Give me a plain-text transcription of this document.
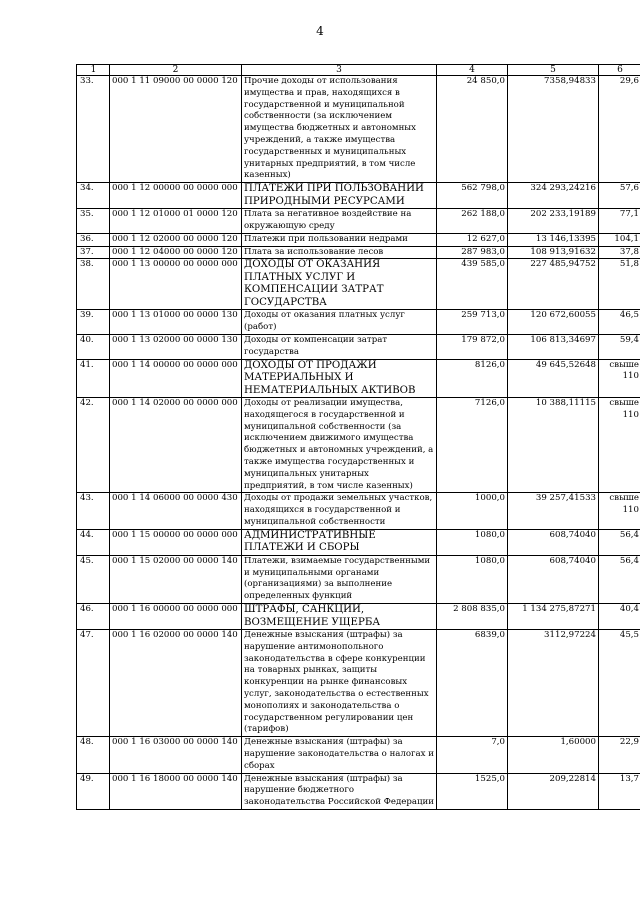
4
1	2	3	4	5	6
33.	000 1 11 09000 00 0000 120	Прочие доходы от использования имущества и прав, находящихся в государственной и муниципальной собственности (за исключением имущества бюджетных и автономных учреждений, а также имущества государственных и муниципальных унитарных предприятий, в том числе казенных)	24 850,0	7358,94833	29,6
34.	000 1 12 00000 00 0000 000	ПЛАТЕЖИ ПРИ ПОЛЬЗОВАНИИ ПРИРОДНЫМИ РЕСУРСАМИ	562 798,0	324 293,24216	57,6
35.	000 1 12 01000 01 0000 120	Плата за негативное воздействие на окружающую среду	262 188,0	202 233,19189	77,1
36.	000 1 12 02000 00 0000 120	Платежи при пользовании недрами	12 627,0	13 146,13395	104,1
37.	000 1 12 04000 00 0000 120	Плата за использование лесов	287 983,0	108 913,91632	37,8
38.	000 1 13 00000 00 0000 000	ДОХОДЫ ОТ ОКАЗАНИЯ ПЛАТНЫХ УСЛУГ И КОМПЕНСАЦИИ ЗАТРАТ ГОСУДАРСТВА	439 585,0	227 485,94752	51,8
39.	000 1 13 01000 00 0000 130	Доходы от оказания платных услуг (работ)	259 713,0	120 672,60055	46,5
40.	000 1 13 02000 00 0000 130	Доходы от компенсации затрат государства	179 872,0	106 813,34697	59,4
41.	000 1 14 00000 00 0000 000	ДОХОДЫ ОТ ПРОДАЖИ МАТЕРИАЛЬНЫХ И НЕМАТЕРИАЛЬНЫХ АКТИВОВ	8126,0	49 645,52648	свыше 110
42.	000 1 14 02000 00 0000 000	Доходы от реализации имущества, находящегося в государственной и муниципальной собственности (за исключением движимого имущества бюджетных и автономных учреждений, а также имущества государственных и муниципальных унитарных предприятий, в том числе казенных)	7126,0	10 388,11115	свыше 110
43.	000 1 14 06000 00 0000 430	Доходы от продажи земельных участков, находящихся в государственной и муниципальной собственности	1000,0	39 257,41533	свыше 110
44.	000 1 15 00000 00 0000 000	АДМИНИСТРАТИВНЫЕ ПЛАТЕЖИ И СБОРЫ	1080,0	608,74040	56,4
45.	000 1 15 02000 00 0000 140	Платежи, взимаемые государственными и муниципальными органами (организациями) за выполнение определенных функций	1080,0	608,74040	56,4
46.	000 1 16 00000 00 0000 000	ШТРАФЫ, САНКЦИИ, ВОЗМЕЩЕНИЕ УЩЕРБА	2 808 835,0	1 134 275,87271	40,4
47.	000 1 16 02000 00 0000 140	Денежные взыскания (штрафы) за нарушение антимонопольного законодательства в сфере конкуренции на товарных рынках, защиты конкуренции на рынке финансовых услуг, законодательства о естественных монополиях и законодательства о государственном регулировании цен (тарифов)	6839,0	3112,97224	45,5
48.	000 1 16 03000 00 0000 140	Денежные взыскания (штрафы) за нарушение законодательства о налогах и сборах	7,0	1,60000	22,9
49.	000 1 16 18000 00 0000 140	Денежные взыскания (штрафы) за нарушение бюджетного законодательства Российской Федерации	1525,0	209,22814	13,7
